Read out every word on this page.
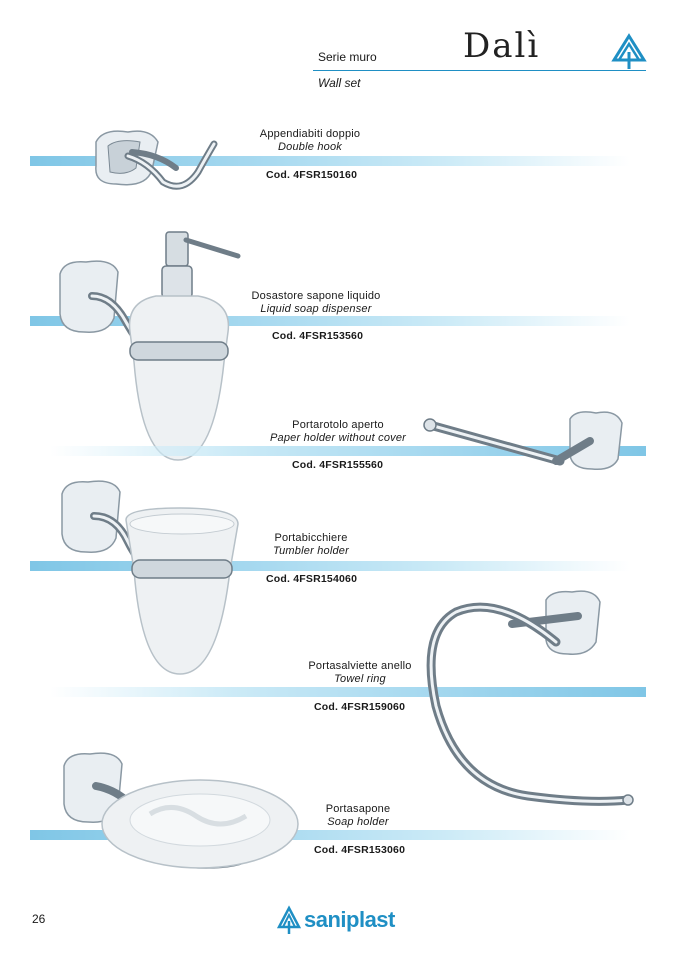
Serie muro
Wall set
Dalì
Appendiabiti doppio
Double hook
Cod. 4FSR150160
Dosastore sapone liquido
Liquid soap dispenser
Cod. 4FSR153560
Portarotolo aperto
Paper holder without cover
Cod. 4FSR155560
Portabicchiere
Tumbler holder
Cod. 4FSR154060
Portasalviette anello
Towel ring
Cod. 4FSR159060
Portasapone
Soap holder
Cod. 4FSR153060
26	saniplast
